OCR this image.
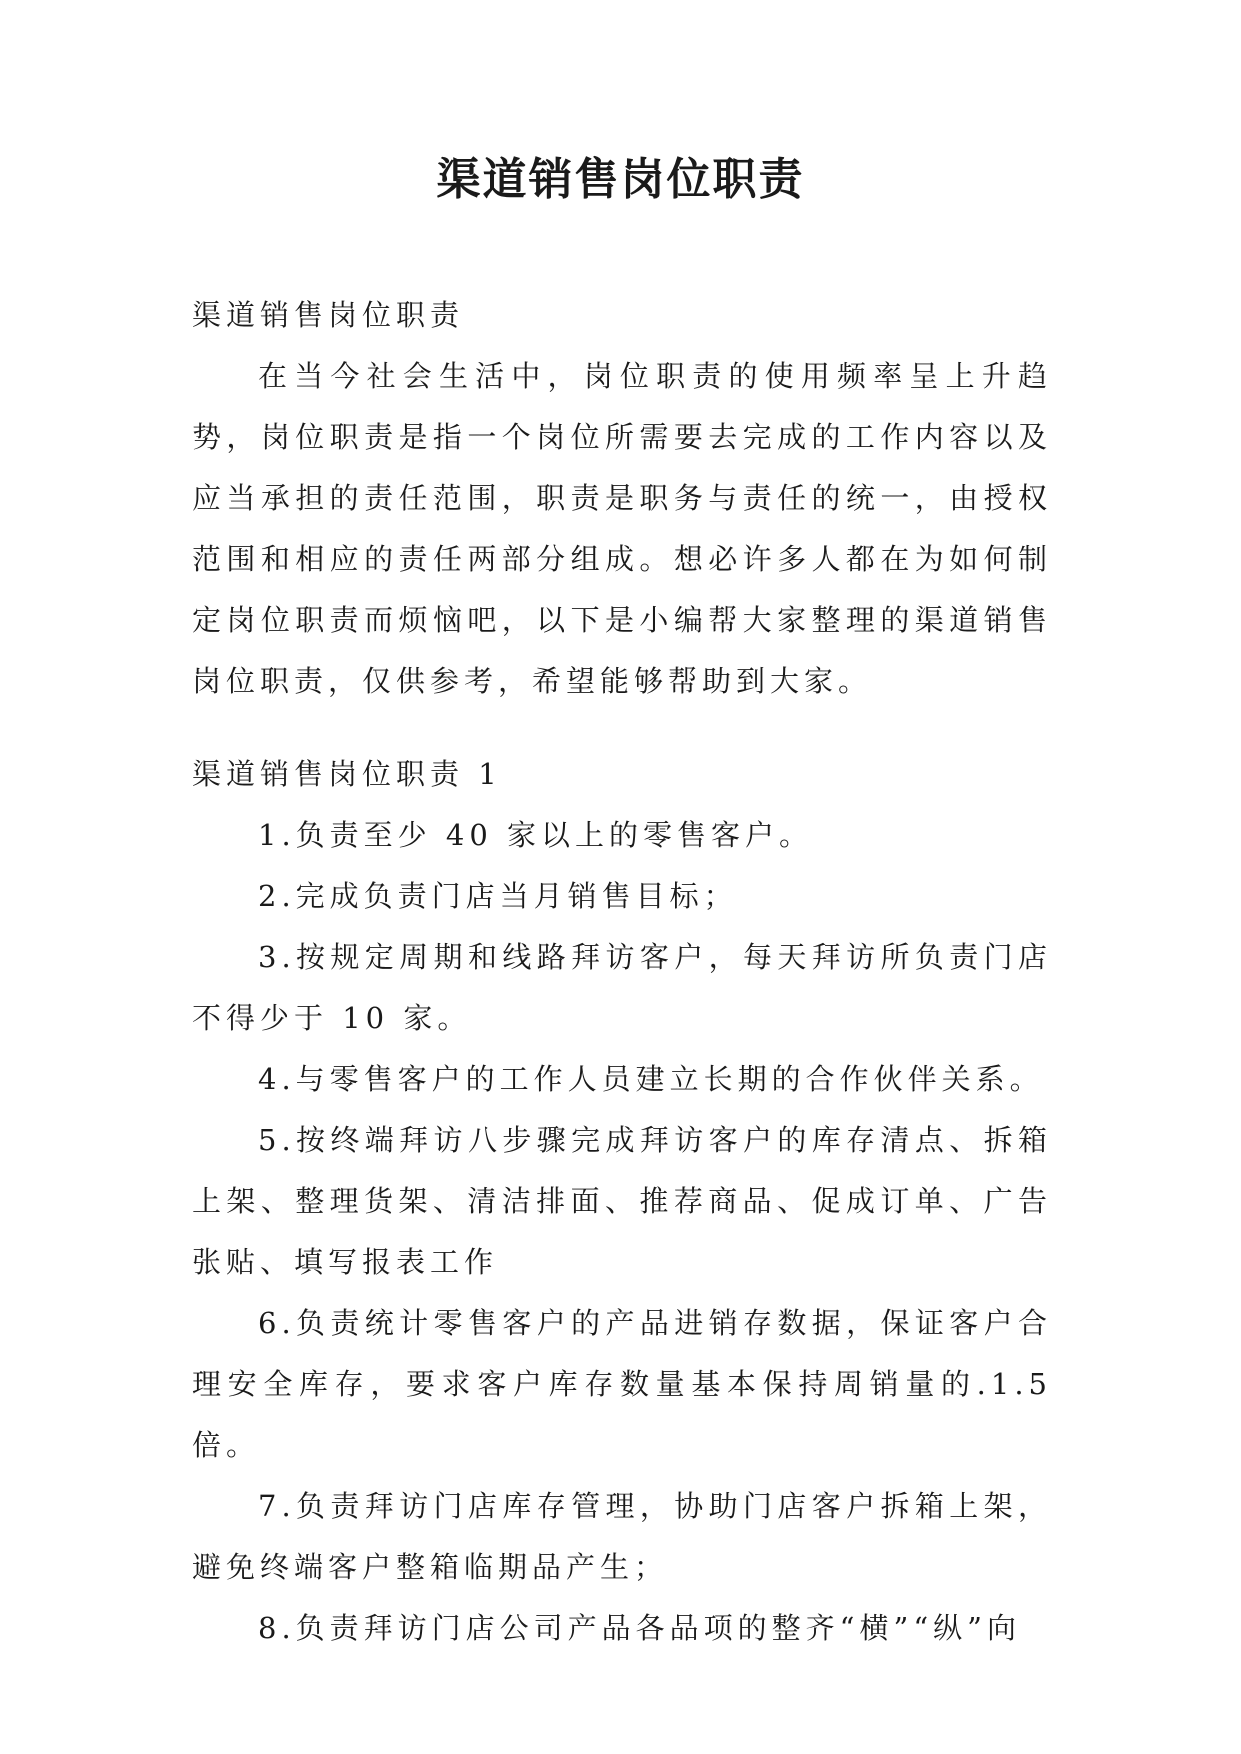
渠道销售岗位职责

渠道销售岗位职责

在当今社会生活中，岗位职责的使用频率呈上升趋势，岗位职责是指一个岗位所需要去完成的工作内容以及应当承担的责任范围，职责是职务与责任的统一，由授权范围和相应的责任两部分组成。想必许多人都在为如何制定岗位职责而烦恼吧，以下是小编帮大家整理的渠道销售岗位职责，仅供参考，希望能够帮助到大家。

渠道销售岗位职责 1

1.负责至少 40 家以上的零售客户。

2.完成负责门店当月销售目标；

3.按规定周期和线路拜访客户，每天拜访所负责门店不得少于 10 家。

4.与零售客户的工作人员建立长期的合作伙伴关系。

5.按终端拜访八步骤完成拜访客户的库存清点、拆箱上架、整理货架、清洁排面、推荐商品、促成订单、广告张贴、填写报表工作

6.负责统计零售客户的产品进销存数据，保证客户合理安全库存，要求客户库存数量基本保持周销量的.1.5 倍。

7.负责拜访门店库存管理，协助门店客户拆箱上架，避免终端客户整箱临期品产生；

8.负责拜访门店公司产品各品项的整齐“横”“纵”向
